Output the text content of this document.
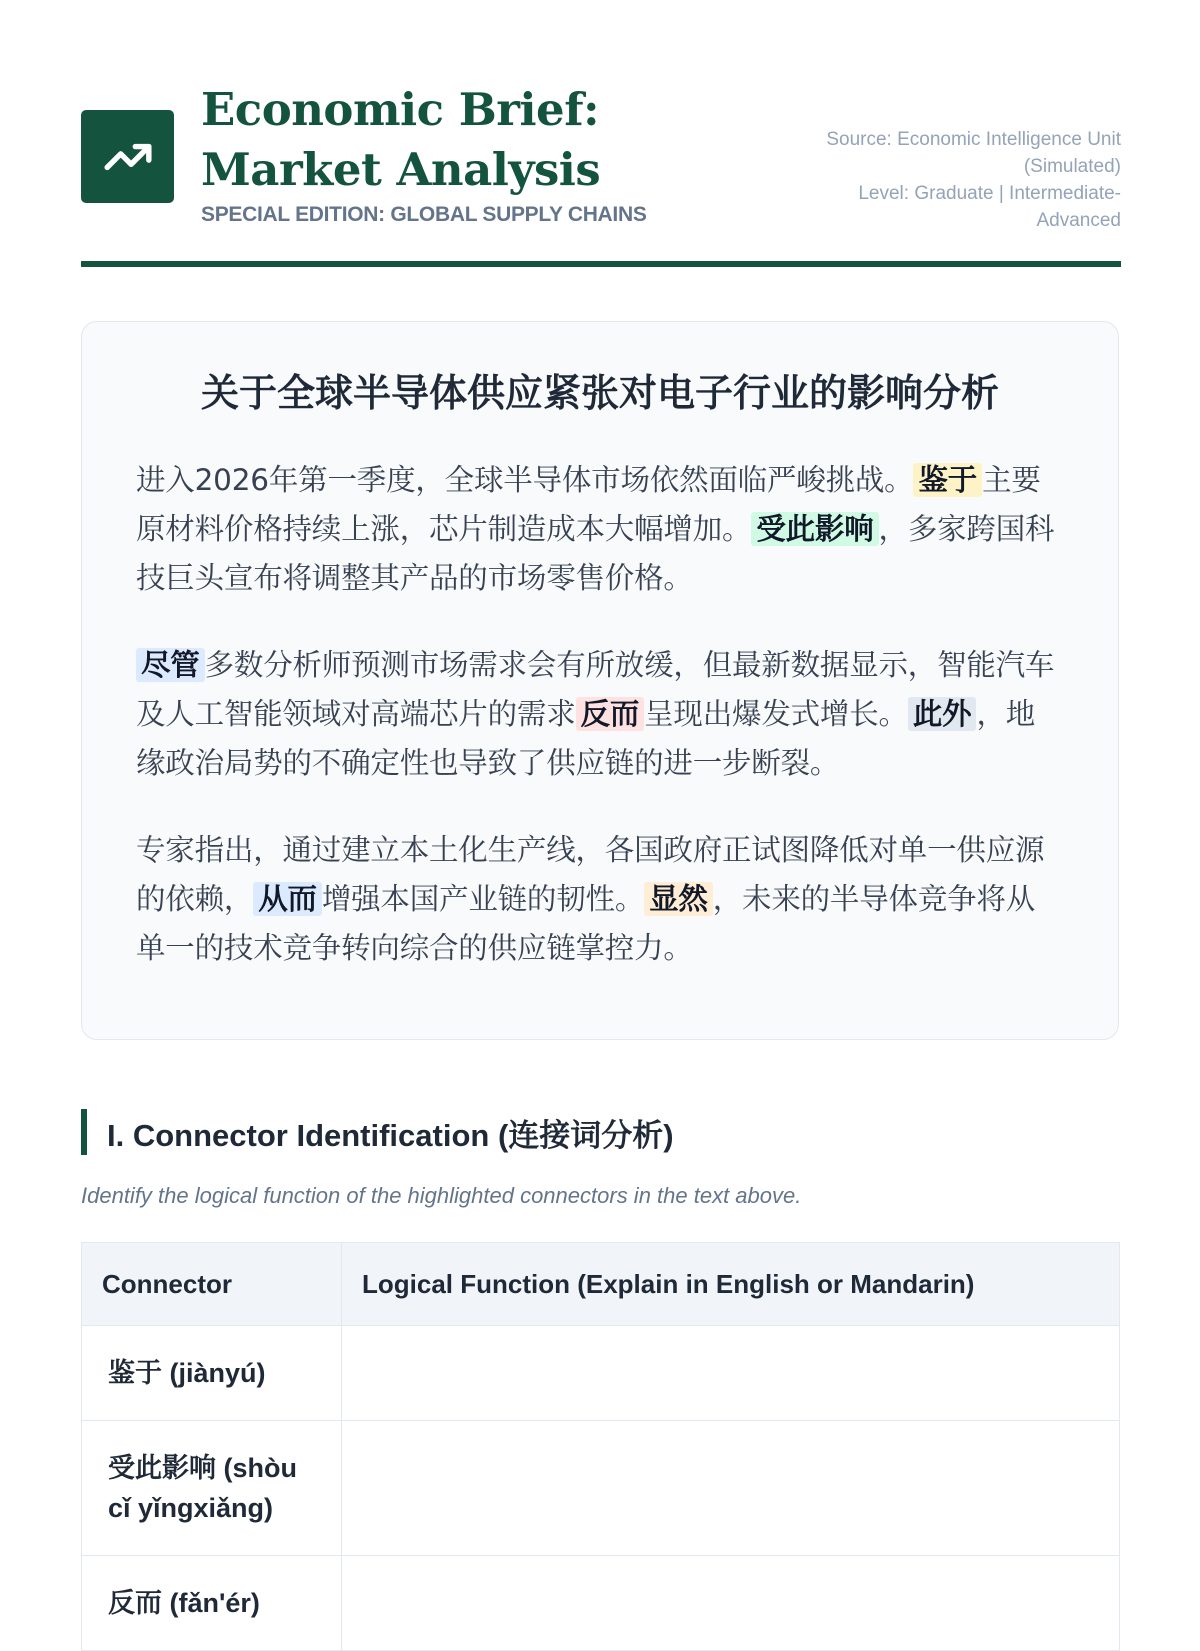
Economic Brief: Market Analysis
SPECIAL EDITION: GLOBAL SUPPLY CHAINS
Source: Economic Intelligence Unit (Simulated)
Level: Graduate | Intermediate-Advanced
关于全球半导体供应紧张对电子行业的影响分析

进入2026年第一季度，全球半导体市场依然面临严峻挑战。 鉴于 主要原材料价格持续上涨，芯片制造成本大幅增加。 受此影响 ，多家跨国科技巨头宣布将调整其产品的市场零售价格。

尽管 多数分析师预测市场需求会有所放缓，但最新数据显示，智能汽车及人工智能领域对高端芯片的需求 反而 呈现出爆发式增长。 此外 ，地缘政治局势的不确定性也导致了供应链的进一步断裂。

专家指出，通过建立本土化生产线，各国政府正试图降低对单一供应源的依赖， 从而 增强本国产业链的韧性。 显然 ，未来的半导体竞争将从单一的技术竞争转向综合的供应链掌控力。

I. Connector Identification (连接词分析)
Identify the logical function of the highlighted connectors in the text above.
Connector	Logical Function (Explain in English or Mandarin)
鉴于 (jiànyú)	
受此影响 (shòu cǐ yǐngxiǎng)	
反而 (fǎn'ér)	
